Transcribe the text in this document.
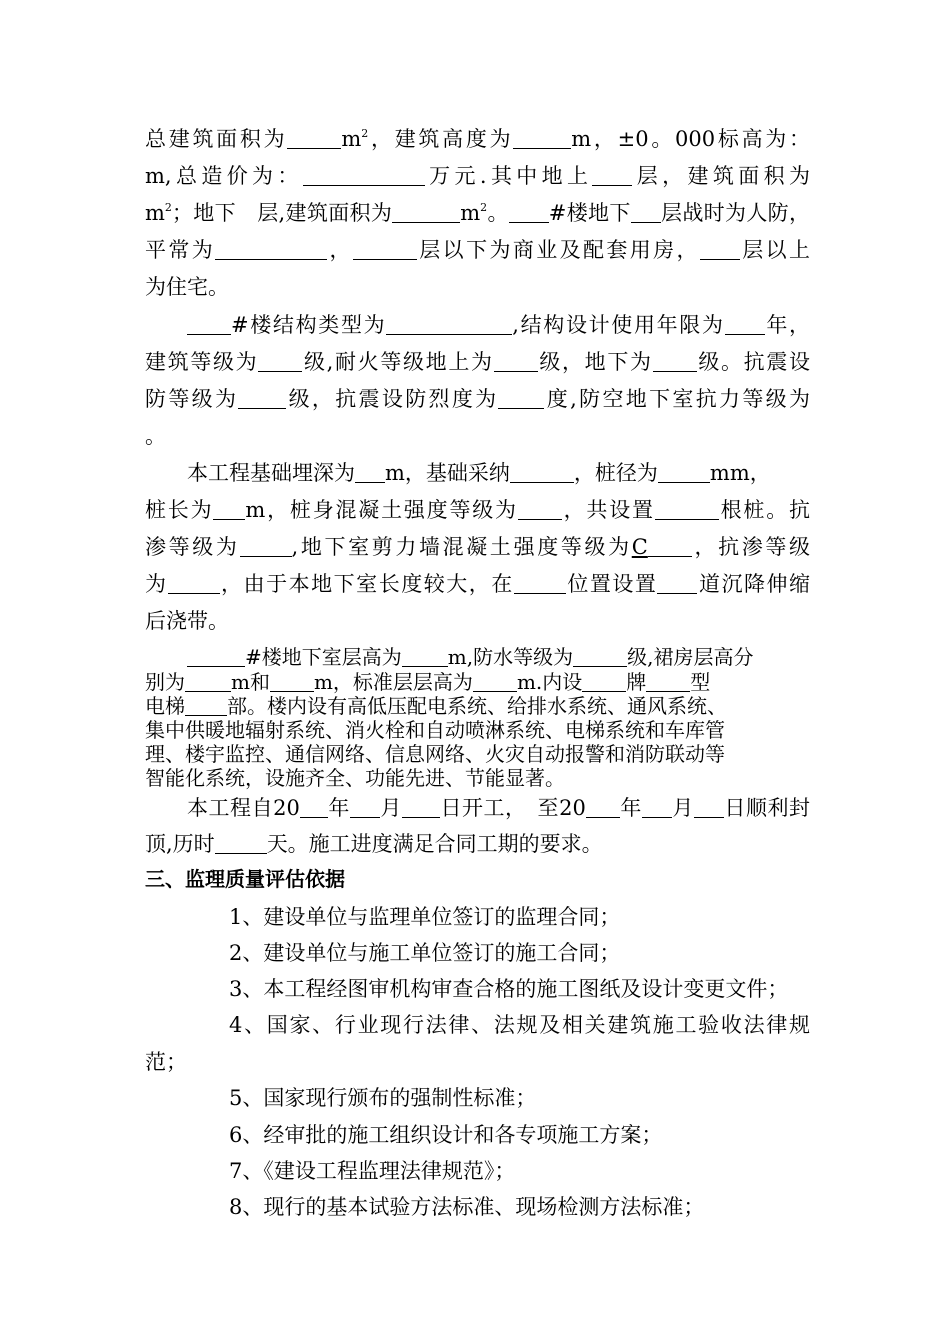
总建筑面积为	$m^2$，建筑高度为	m，±0。000标高为：
m,总造价为：	万元.其中地上 层，建筑面积为
$m^2$；地下　层,建筑面积为	$m^2$。 #楼地下 层战时为人防，
平常为	，	层以下为商业及配套用房， 层以上
为住宅。
#楼结构类型为	,结构设计使用年限为 年，
建筑等级为 级,耐火等级地上为 级，地下为 级。抗震设
防等级为 级，抗震设防烈度为 度,防空地下室抗力等级为
。
本工程基础埋深为 m，基础采纳	，桩径为 mm，
桩长为 m，桩身混凝土强度等级为 ，共设置	根桩。抗
渗等级为 ,地下室剪力墙混凝土强度等级为C ，抗渗等级
为 ，由于本地下室长度较大，在 位置设置 道沉降伸缩
后浇带。
#楼地下室层高为 m,防水等级为	级,裙房层高分
别为 m和 m，标准层层高为 m.内设 牌 型
电梯 部。楼内设有高低压配电系统、给排水系统、通风系统、
集中供暖地辐射系统、消火栓和自动喷淋系统、电梯系统和车库管
理、楼宇监控、通信网络、信息网络、火灾自动报警和消防联动等
智能化系统，设施齐全、功能先进、节能显著。
本工程自20 年 月 日开工，　至20 年 月 日顺利封
顶,历时 天。施工进度满足合同工期的要求。
三、监理质量评估依据
1、建设单位与监理单位签订的监理合同；
2、建设单位与施工单位签订的施工合同；
3、本工程经图审机构审查合格的施工图纸及设计变更文件；
4、国家、行业现行法律、法规及相关建筑施工验收法律规
范；
5、国家现行颁布的强制性标准；
6、经审批的施工组织设计和各专项施工方案；
7、《建设工程监理法律规范》；
8、现行的基本试验方法标准、现场检测方法标准；
